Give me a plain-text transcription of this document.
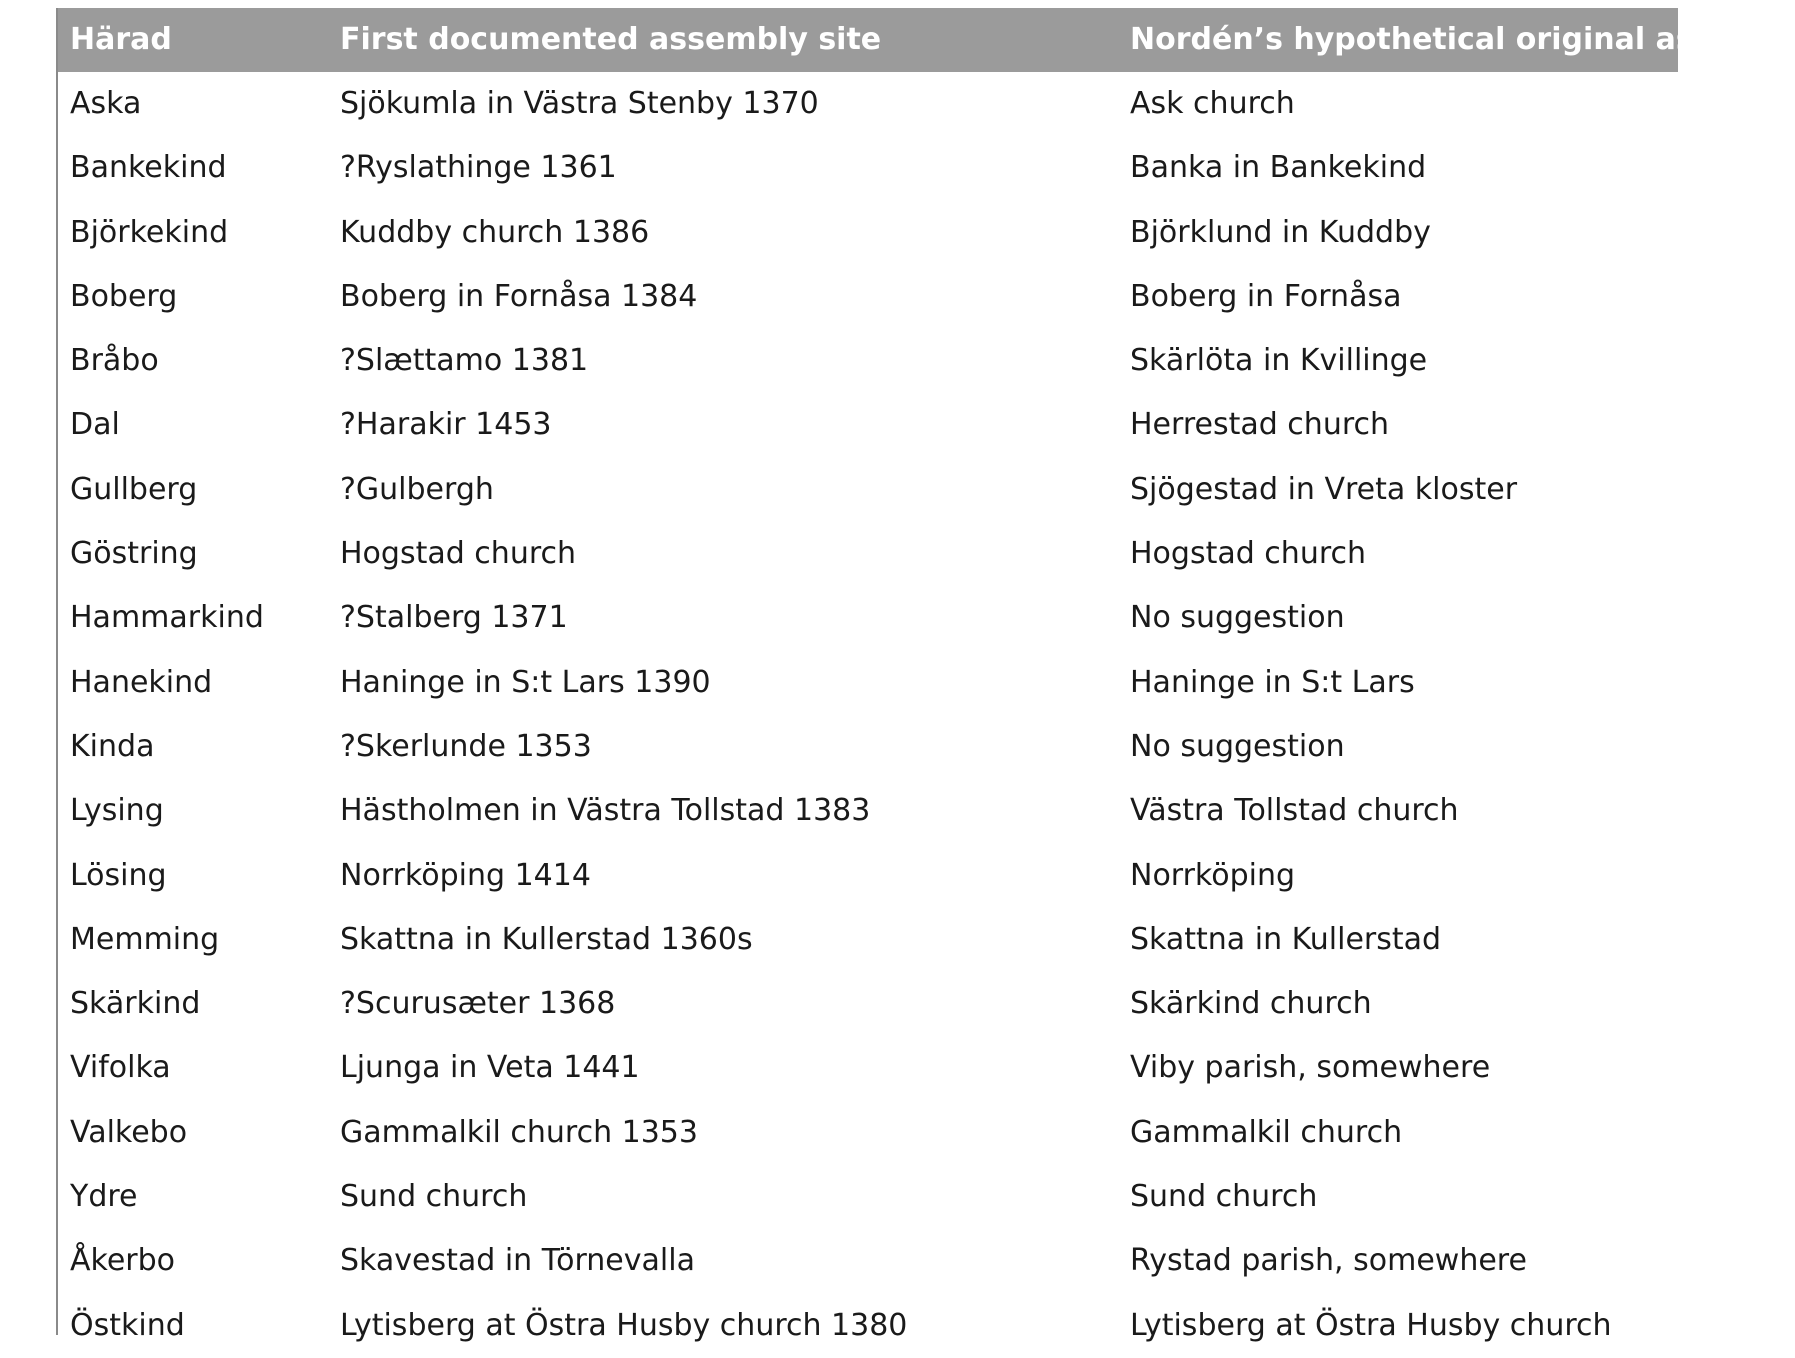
Härad	First documented assembly site	Nordén’s hypothetical original assembl
Aska	Sjökumla in Västra Stenby 1370	Ask church
Bankekind	?Ryslathinge 1361	Banka in Bankekind
Björkekind	Kuddby church 1386	Björklund in Kuddby
Boberg	Boberg in Fornåsa 1384	Boberg in Fornåsa
Bråbo	?Slættamo 1381	Skärlöta in Kvillinge
Dal	?Harakir 1453	Herrestad church
Gullberg	?Gulbergh	Sjögestad in Vreta kloster
Göstring	Hogstad church	Hogstad church
Hammarkind	?Stalberg 1371	No suggestion
Hanekind	Haninge in S:t Lars 1390	Haninge in S:t Lars
Kinda	?Skerlunde 1353	No suggestion
Lysing	Hästholmen in Västra Tollstad 1383	Västra Tollstad church
Lösing	Norrköping 1414	Norrköping
Memming	Skattna in Kullerstad 1360s	Skattna in Kullerstad
Skärkind	?Scurusæter 1368	Skärkind church
Vifolka	Ljunga in Veta 1441	Viby parish, somewhere
Valkebo	Gammalkil church 1353	Gammalkil church
Ydre	Sund church	Sund church
Åkerbo	Skavestad in Törnevalla	Rystad parish, somewhere
Östkind	Lytisberg at Östra Husby church 1380	Lytisberg at Östra Husby church
